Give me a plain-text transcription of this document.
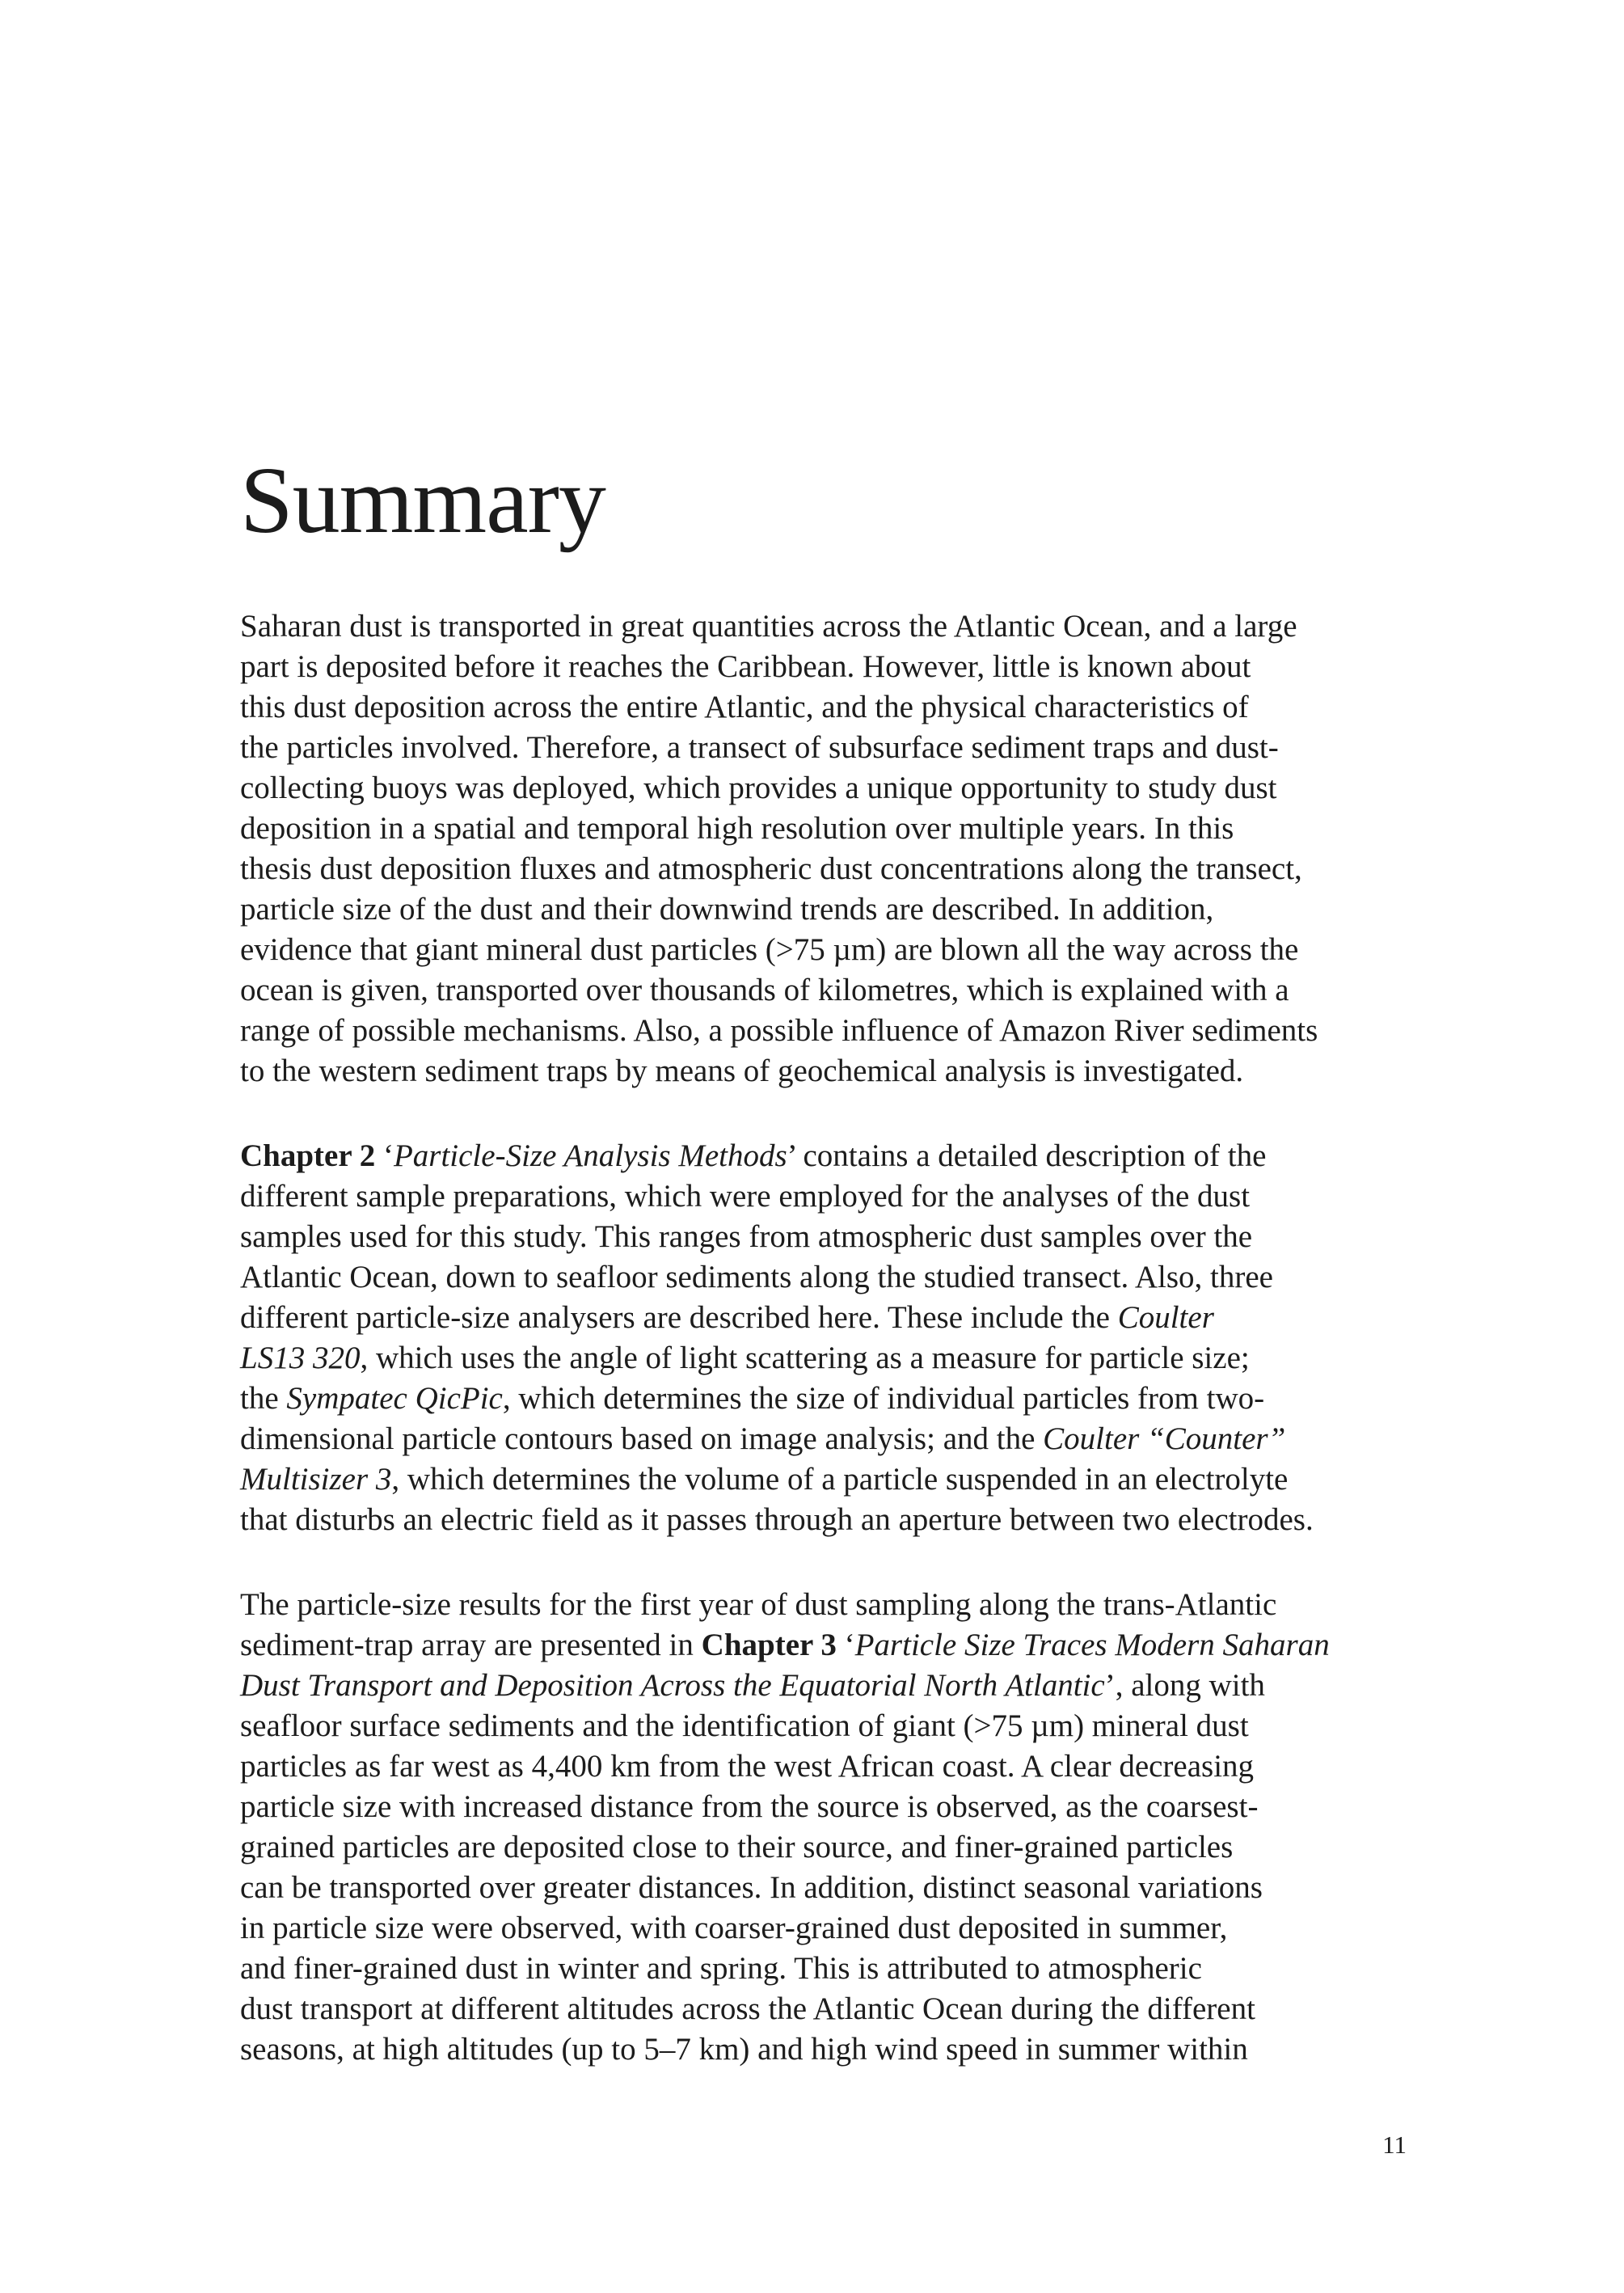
Summary

Saharan dust is transported in great quantities across the Atlantic Ocean, and a large
part is deposited before it reaches the Caribbean. However, little is known about
this dust deposition across the entire Atlantic, and the physical characteristics of
the particles involved. Therefore, a transect of subsurface sediment traps and dust-
collecting buoys was deployed, which provides a unique opportunity to study dust
deposition in a spatial and temporal high resolution over multiple years. In this
thesis dust deposition fluxes and atmospheric dust concentrations along the transect,
particle size of the dust and their downwind trends are described. In addition,
evidence that giant mineral dust particles (>75 µm) are blown all the way across the
ocean is given, transported over thousands of kilometres, which is explained with a
range of possible mechanisms. Also, a possible influence of Amazon River sediments
to the western sediment traps by means of geochemical analysis is investigated.

Chapter 2 ‘Particle-Size Analysis Methods’ contains a detailed description of the
different sample preparations, which were employed for the analyses of the dust
samples used for this study. This ranges from atmospheric dust samples over the
Atlantic Ocean, down to seafloor sediments along the studied transect. Also, three
different particle-size analysers are described here. These include the Coulter
LS13 320, which uses the angle of light scattering as a measure for particle size;
the Sympatec QicPic, which determines the size of individual particles from two-
dimensional particle contours based on image analysis; and the Coulter “Counter”
Multisizer 3, which determines the volume of a particle suspended in an electrolyte
that disturbs an electric field as it passes through an aperture between two electrodes.

The particle-size results for the first year of dust sampling along the trans-Atlantic
sediment-trap array are presented in Chapter 3 ‘Particle Size Traces Modern Saharan
Dust Transport and Deposition Across the Equatorial North Atlantic’, along with
seafloor surface sediments and the identification of giant (>75 µm) mineral dust
particles as far west as 4,400 km from the west African coast. A clear decreasing
particle size with increased distance from the source is observed, as the coarsest-
grained particles are deposited close to their source, and finer-grained particles
can be transported over greater distances. In addition, distinct seasonal variations
in particle size were observed, with coarser-grained dust deposited in summer,
and finer-grained dust in winter and spring. This is attributed to atmospheric
dust transport at different altitudes across the Atlantic Ocean during the different
seasons, at high altitudes (up to 5–7 km) and high wind speed in summer within

11
